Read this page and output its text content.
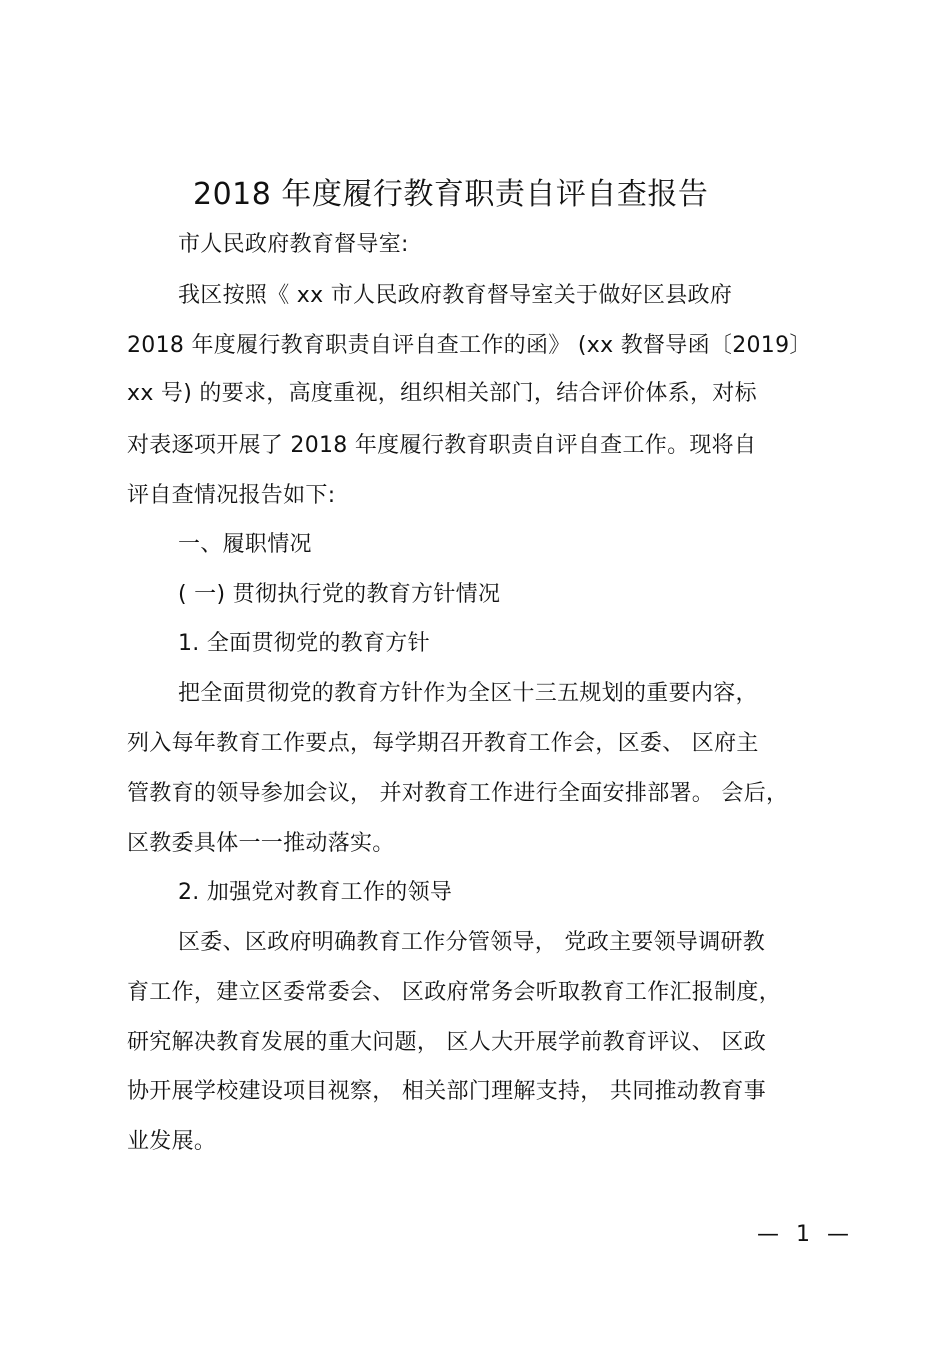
2018 年度履行教育职责自评自查报告
市人民政府教育督导室:
我区按照《 xx 市人民政府教育督导室关于做好区县政府
2018 年度履行教育职责自评自查工作的函》 (xx 教督导函〔2019〕
xx 号) 的要求，高度重视，组织相关部门，结合评价体系，对标
对表逐项开展了 2018 年度履行教育职责自评自查工作。现将自
评自查情况报告如下:
一、履职情况
( 一) 贯彻执行党的教育方针情况
1. 全面贯彻党的教育方针
把全面贯彻党的教育方针作为全区十三五规划的重要内容，
列入每年教育工作要点，每学期召开教育工作会，区委、 区府主
管教育的领导参加会议， 并对教育工作进行全面安排部署。 会后，
区教委具体一一推动落实。
2. 加强党对教育工作的领导
区委、区政府明确教育工作分管领导， 党政主要领导调研教
育工作，建立区委常委会、 区政府常务会听取教育工作汇报制度，
研究解决教育发展的重大问题， 区人大开展学前教育评议、 区政
协开展学校建设项目视察， 相关部门理解支持， 共同推动教育事
业发展。
— 1 —
